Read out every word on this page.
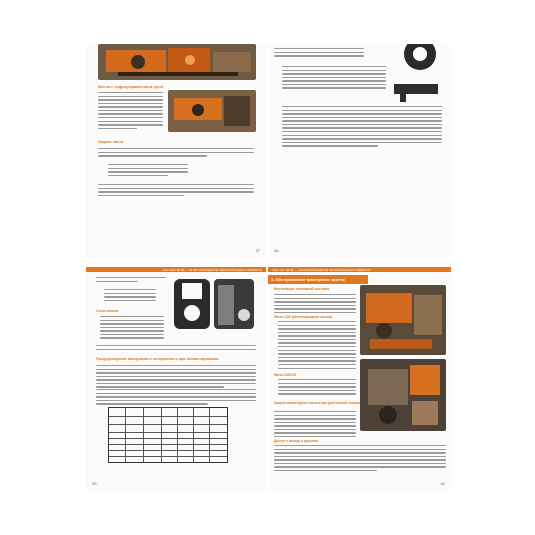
Весла с гидроуправлением руля
Задние части
37	38
ТОС ХАХ 35-99 — 40 ИНСТРУКЦИЯ ПО ЭКСПЛУАТАЦИИ И РЕМОНТУ
Стык колеса
Предупреждение замерзания и осторожность при балластировании
39
ТОС ХАХ 35-99 — 40 ИНСТРУКЦИЯ ПО ЭКСПЛУАТАЦИИ И РЕМОНТУ
3. Обслуживание тракторных систем
Вентиляция топливной системы
Насос CAV (вентилирование насоса)
Насос BOSCH
Защита инжекторного насоса при длительной стоянке
Доступ к мотору и укрытию
40
